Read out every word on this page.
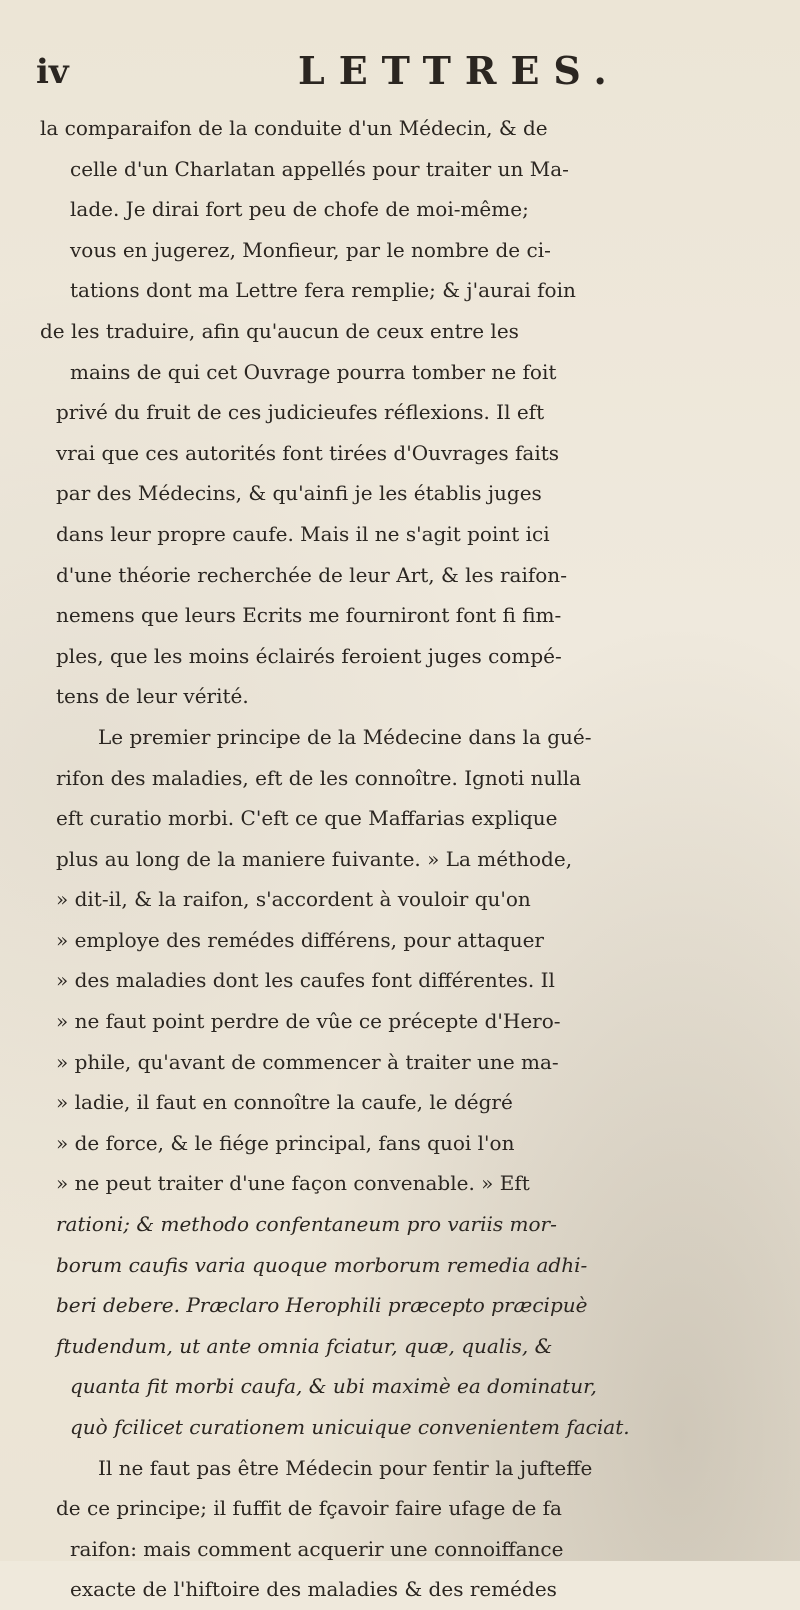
iv	LETTRES.
la comparaifon de la conduite d'un Médecin, & de
celle d'un Charlatan appellés pour traiter un Ma-
lade. Je dirai fort peu de chofe de moi-même;
vous en jugerez, Monfieur, par le nombre de ci-
tations dont ma Lettre fera remplie; & j'aurai foin
de les traduire, afin qu'aucun de ceux entre les
mains de qui cet Ouvrage pourra tomber ne foit
privé du fruit de ces judicieufes réflexions. Il eft
vrai que ces autorités font tirées d'Ouvrages faits
par des Médecins, & qu'ainfi je les établis juges
dans leur propre caufe. Mais il ne s'agit point ici
d'une théorie recherchée de leur Art, & les raifon-
nemens que leurs Ecrits me fourniront font fi fim-
ples, que les moins éclairés feroient juges compé-
tens de leur vérité.
Le premier principe de la Médecine dans la gué-
rifon des maladies, eft de les connoître. Ignoti nulla
eft curatio morbi. C'eft ce que Maffarias explique
plus au long de la maniere fuivante. » La méthode,
» dit-il, & la raifon, s'accordent à vouloir qu'on
» employe des remédes différens, pour attaquer
» des maladies dont les caufes font différentes. Il
» ne faut point perdre de vûe ce précepte d'Hero-
» phile, qu'avant de commencer à traiter une ma-
» ladie, il faut en connoître la caufe, le dégré
» de force, & le fiége principal, fans quoi l'on
» ne peut traiter d'une façon convenable. » Eft
rationi; & methodo confentaneum pro variis mor-
borum caufis varia quoque morborum remedia adhi-
beri debere. Præclaro Herophili præcepto præcipuè
ftudendum, ut ante omnia fciatur, quæ, qualis, &
quanta fit morbi caufa, & ubi maximè ea dominatur,
quò fcilicet curationem unicuique convenientem faciat.
Il ne faut pas être Médecin pour fentir la jufteffe
de ce principe; il fuffit de fçavoir faire ufage de fa
raifon: mais comment acquerir une connoiffance
exacte de l'hiftoire des maladies & des remédes
